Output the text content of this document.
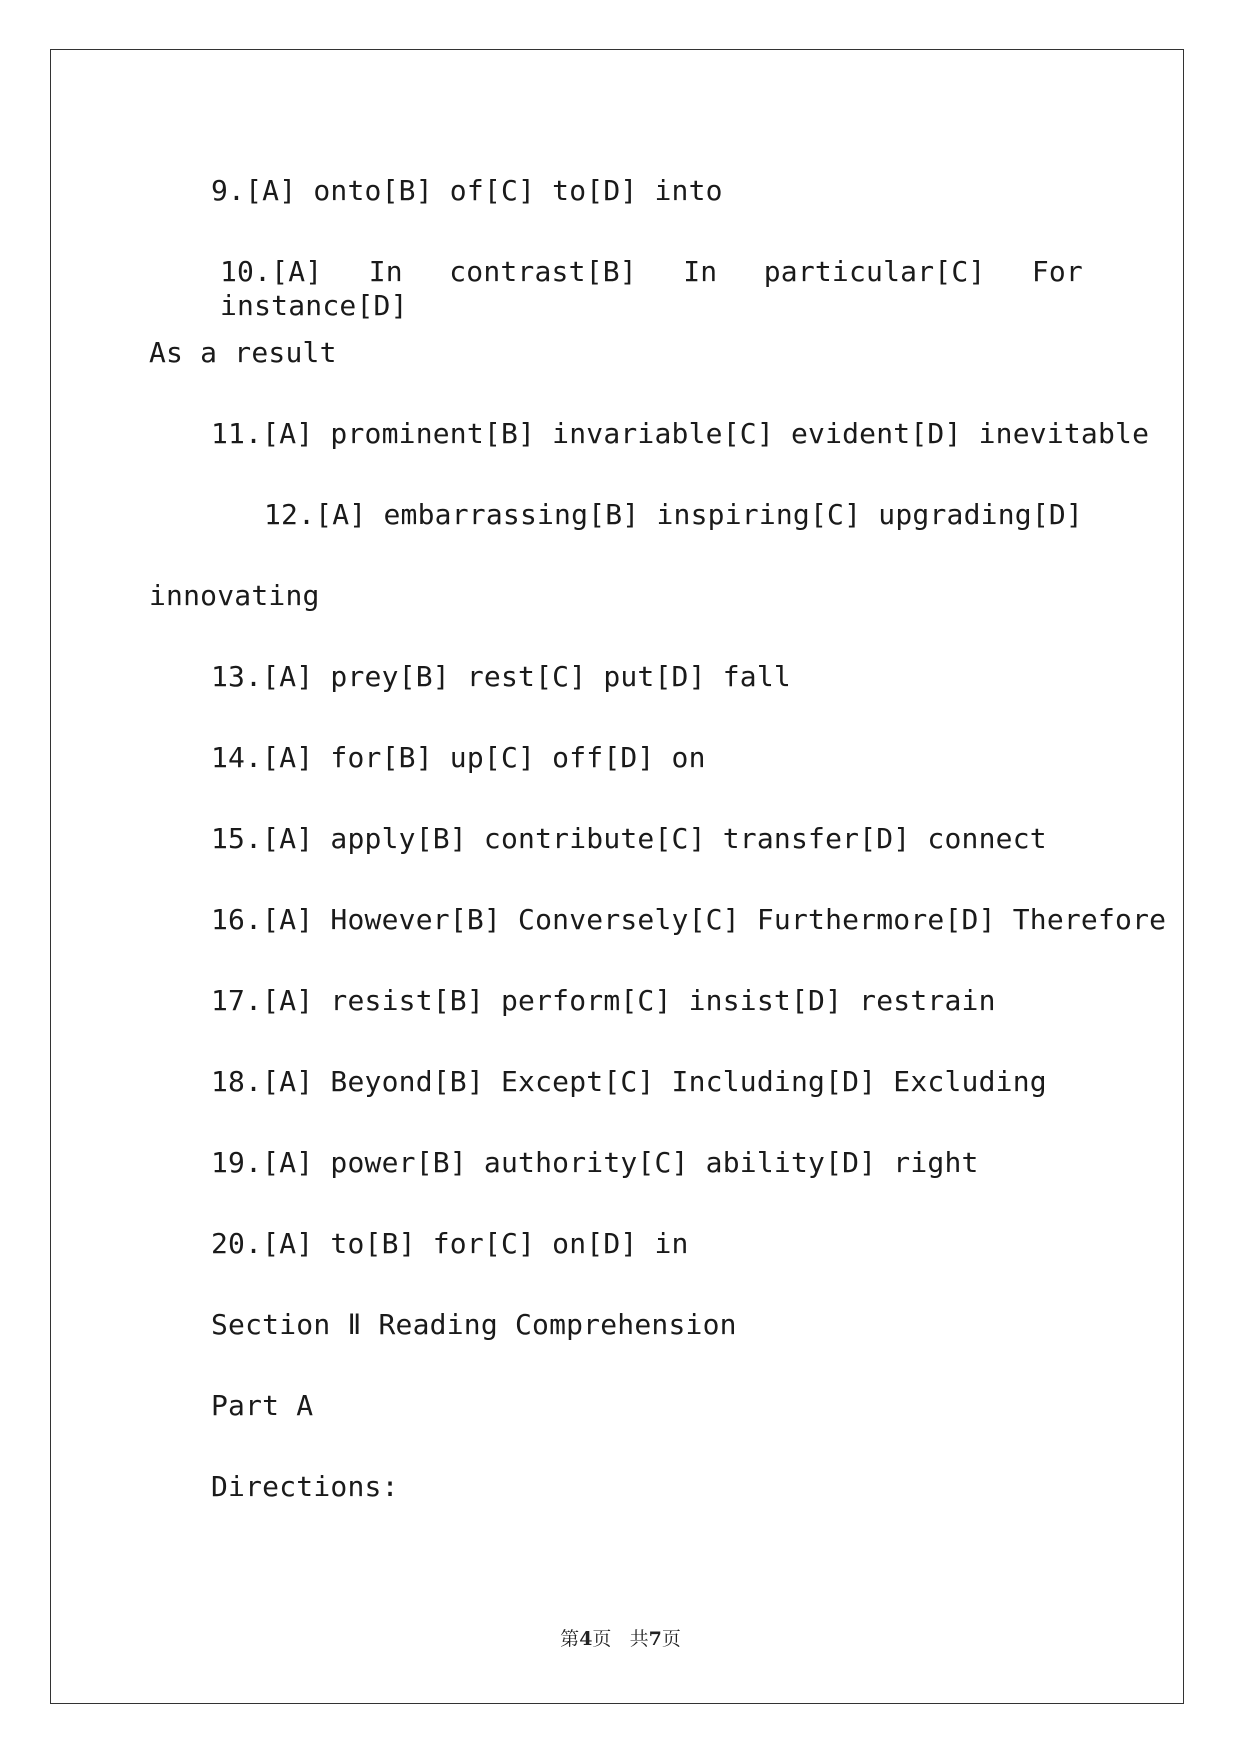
9.[A] onto[B] of[C] to[D] into
10.[A] In contrast[B] In particular[C] For instance[D]
As a result
11.[A] prominent[B] invariable[C] evident[D] inevitable
12.[A] embarrassing[B] inspiring[C] upgrading[D]
innovating
13.[A] prey[B] rest[C] put[D] fall
14.[A] for[B] up[C] off[D] on
15.[A] apply[B] contribute[C] transfer[D] connect
16.[A] However[B] Conversely[C] Furthermore[D] Therefore
17.[A] resist[B] perform[C] insist[D] restrain
18.[A] Beyond[B] Except[C] Including[D] Excluding
19.[A] power[B] authority[C] ability[D] right
20.[A] to[B] for[C] on[D] in
Section Ⅱ Reading Comprehension
Part A
Directions:
第4页 共7页
